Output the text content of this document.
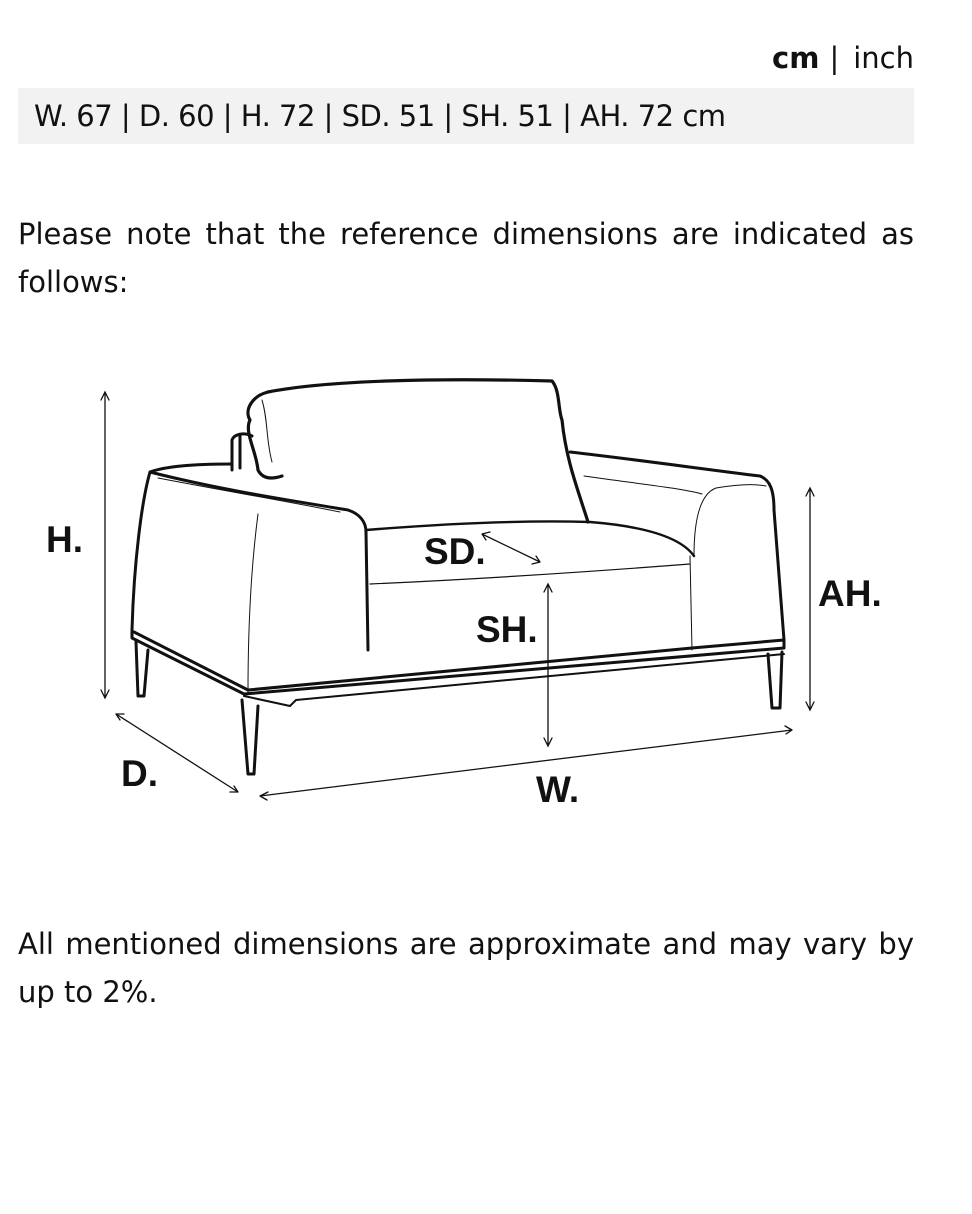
cm | inch
W. 67 | D. 60 | H. 72 | SD. 51 | SH. 51 | AH. 72 cm

Please note that the reference dimensions are indicated as follows:

H.	SD.
SH.
AH.
D.	W.

All mentioned dimensions are approximate and may vary by up to 2%.
